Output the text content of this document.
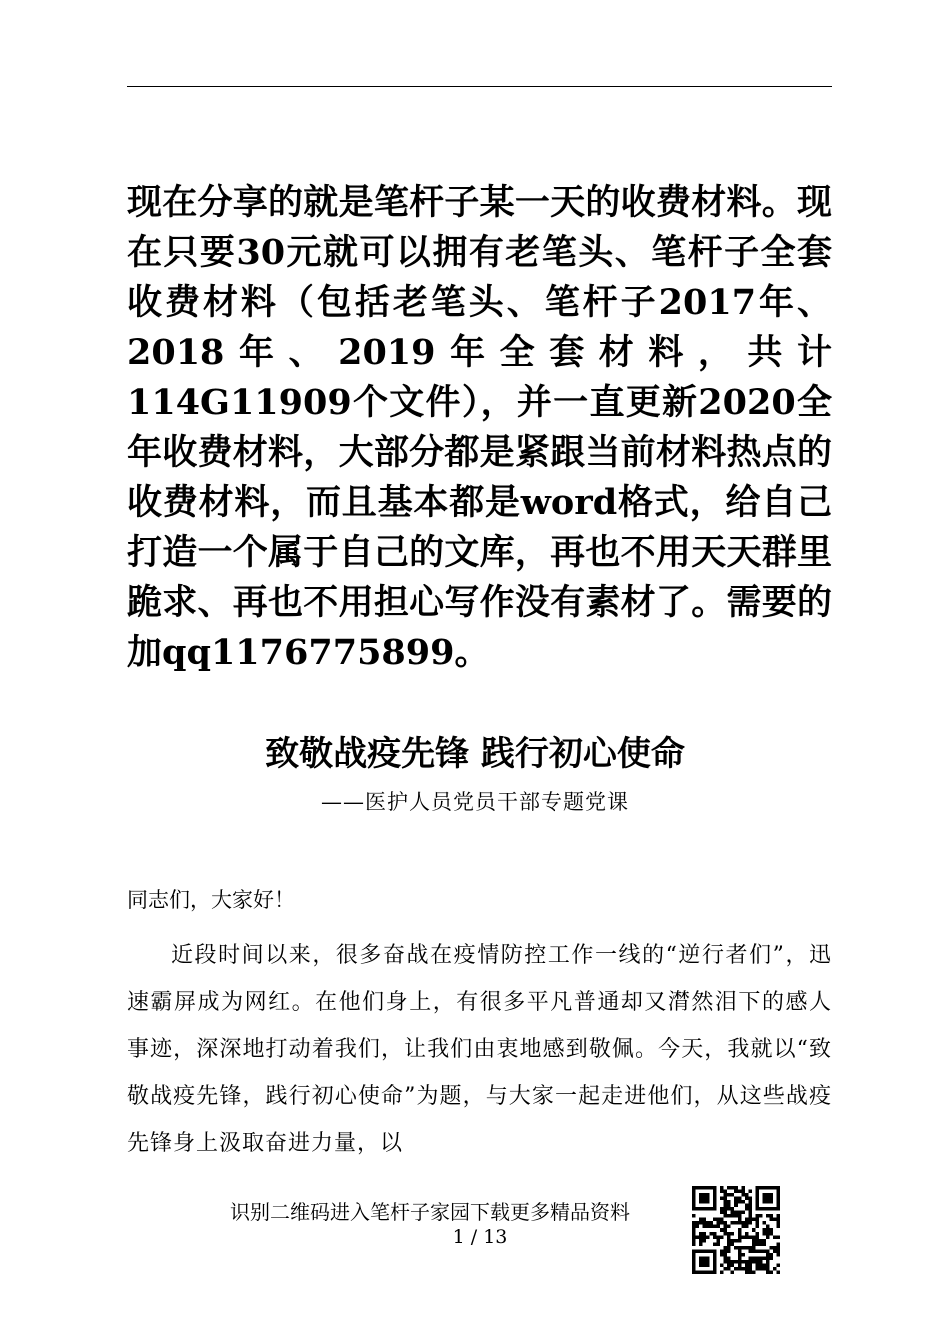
现在分享的就是笔杆子某一天的收费材料。现在只要30元就可以拥有老笔头、笔杆子全套收费材料（包括老笔头、笔杆子2017年、2018年、2019年全套材料，共计114G11909个文件），并一直更新2020全年收费材料，大部分都是紧跟当前材料热点的收费材料，而且基本都是word格式，给自己打造一个属于自己的文库，再也不用天天群里跪求、再也不用担心写作没有素材了。需要的加qq1176775899。

致敬战疫先锋 践行初心使命

——医护人员党员干部专题党课

同志们，大家好！

近段时间以来，很多奋战在疫情防控工作一线的“逆行者们”，迅速霸屏成为网红。在他们身上，有很多平凡普通却又潸然泪下的感人事迹，深深地打动着我们，让我们由衷地感到敬佩。今天，我就以“致敬战疫先锋，践行初心使命”为题，与大家一起走进他们，从这些战疫先锋身上汲取奋进力量，以

识别二维码进入笔杆子家园下载更多精品资料

1 / 13
